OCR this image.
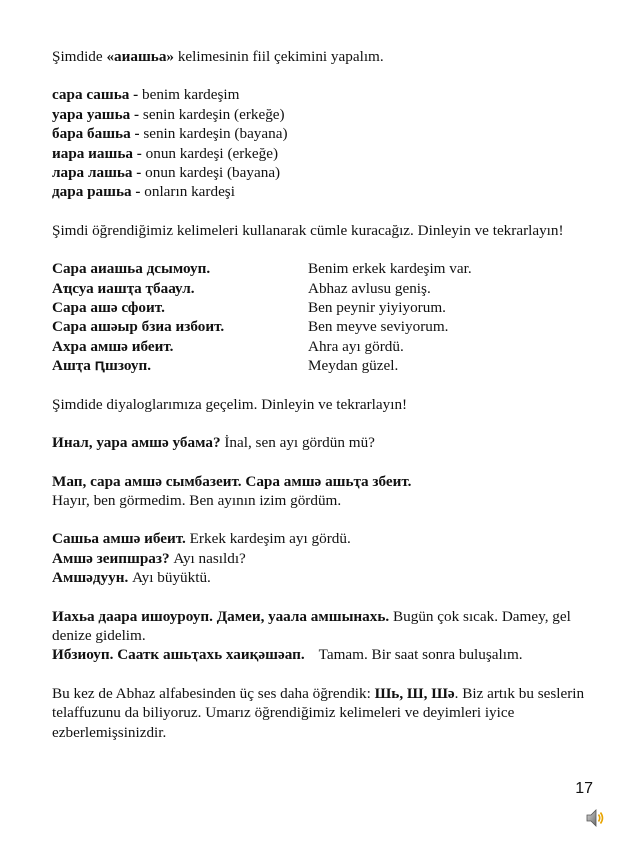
Şimdide «аиашьа» kelimesinin fiil çekimini yapalım.

сара сашьа - benim kardeşim

уара уашьа - senin kardeşin (erkeğe)

бара башьа - senin kardeşin (bayana)

иара иашьа - onun kardeşi (erkeğe)

лара лашьа - onun kardeşi (bayana)

дара рашьа - onların kardeşi

Şimdi öğrendiğimiz kelimeleri kullanarak cümle kuracağız. Dinleyin ve tekrarlayın!

Сара аиашьа дсымоуп.	Benim erkek kardeşim var.
Аҵсуа иашҭа ҭбааул.	Abhaz avlusu geniş.
Сара ашә сфоит.	Ben peynir yiyiyorum.
Сара ашәыр бзиа избоит.	Ben meyve seviyorum.
Ахра амшә ибеит.	Ahra ayı gördü.
Ашҭа ԥшзоуп.	Meydan güzel.

Şimdide diyaloglarımıza geçelim. Dinleyin ve tekrarlayın!

Инал, уара амшә убама? İnal, sen ayı gördün mü?

Мап, сара амшә сымбазеит. Сара амшә ашьҭа збеит.

Hayır, ben görmedim. Ben ayının izim gördüm.

Сашьа амшә ибеит. Erkek kardeşim ayı gördü.

Амшә зеипшраз? Ayı nasıldı?

Амшәдуун. Ayı büyüktü.

Иахьа даара ишоуроуп. Дамеи, уаала амшынахь. Bugün çok sıcak. Damey, gel denize gidelim.

Ибзиоуп. Саатк ашьҭахь хаиқәшәап. Tamam. Bir saat sonra buluşalım.

Bu kez de Abhaz alfabesinden üç ses daha öğrendik: Шь, Ш, Шә. Biz artık bu seslerin telaffuzunu da biliyoruz. Umarız öğrendiğimiz kelimeleri ve deyimleri iyice ezberlemişsinizdir.

17
